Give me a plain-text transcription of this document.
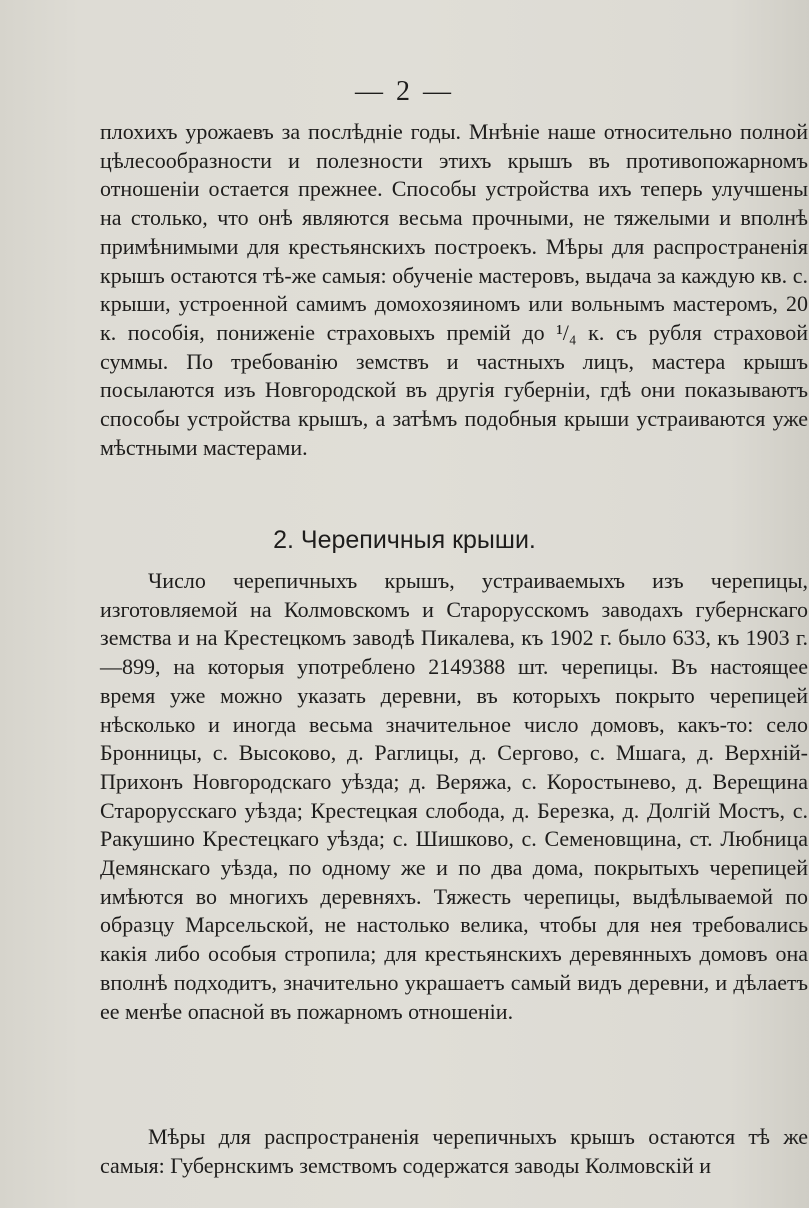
— 2 —
плохихъ урожаевъ за послѣдніе годы. Мнѣніе наше относительно полной цѣлесообразности и полезности этихъ крышъ въ противопожарномъ отношеніи остается прежнее. Способы устройства ихъ теперь улучшены на столько, что онѣ являются весьма прочными, не тяжелыми и вполнѣ примѣнимыми для крестьянскихъ построекъ. Мѣры для распространенія крышъ остаются тѣ-же самыя: обученіе мастеровъ, выдача за каждую кв. с. крыши, устроенной самимъ домохозяиномъ или вольнымъ мастеромъ, 20 к. пособія, пониженіе страховыхъ премій до ¹/₄ к. съ рубля страховой суммы. По требованію земствъ и частныхъ лицъ, мастера крышъ посылаются изъ Новгородской въ другія губерніи, гдѣ они показываютъ способы устройства крышъ, а затѣмъ подобныя крыши устраиваются уже мѣстными мастерами.
2. Черепичныя крыши.
Число черепичныхъ крышъ, устраиваемыхъ изъ черепицы, изготовляемой на Колмовскомъ и Старорусскомъ заводахъ губернскаго земства и на Крестецкомъ заводѣ Пикалева, къ 1902 г. было 633, къ 1903 г.—899, на которыя употреблено 2149388 шт. черепицы. Въ настоящее время уже можно указать деревни, въ которыхъ покрыто черепицей нѣсколько и иногда весьма значительное число домовъ, какъ-то: село Бронницы, с. Высоково, д. Раглицы, д. Сергово, с. Мшага, д. Верхній-Прихонъ Новгородскаго уѣзда; д. Веряжа, с. Коростынево, д. Верещина Старорусскаго уѣзда; Крестецкая слобода, д. Березка, д. Долгій Мостъ, с. Ракушино Крестецкаго уѣзда; с. Шишково, с. Семеновщина, ст. Любница Демянскаго уѣзда, по одному же и по два дома, покрытыхъ черепицей имѣются во многихъ деревняхъ. Тяжесть черепицы, выдѣлываемой по образцу Марсельской, не настолько велика, чтобы для нея требовались какія либо особыя стропила; для крестьянскихъ деревянныхъ домовъ она вполнѣ подходитъ, значительно украшаетъ самый видъ деревни, и дѣлаетъ ее менѣе опасной въ пожарномъ отношеніи.
Мѣры для распространенія черепичныхъ крышъ остаются тѣ же самыя: Губернскимъ земствомъ содержатся заводы Колмовскій и
